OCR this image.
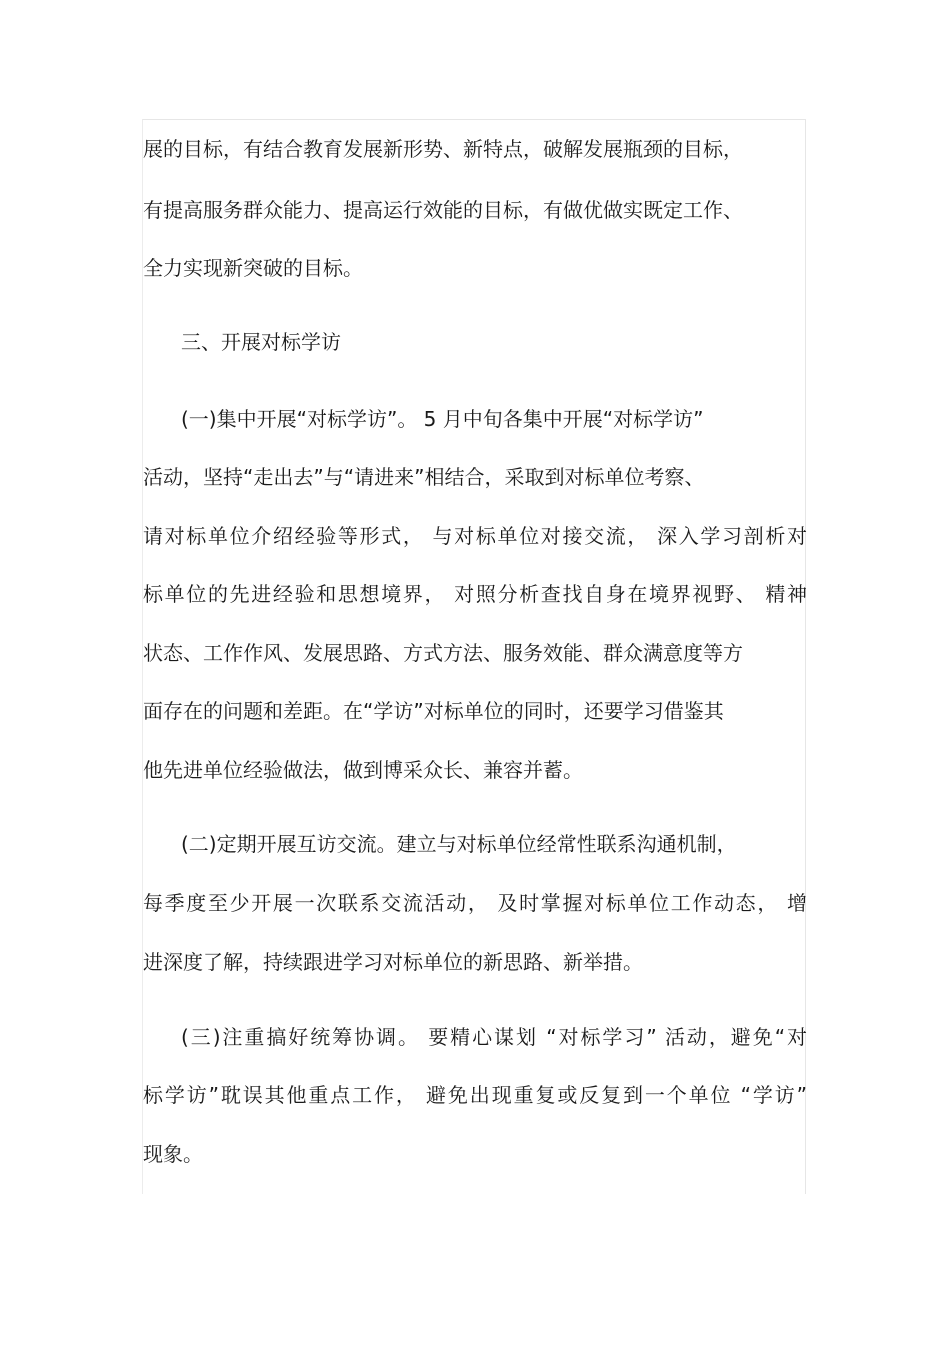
展的目标，有结合教育发展新形势、新特点，破解发展瓶颈的目标，
有提高服务群众能力、提高运行效能的目标，有做优做实既定工作、
全力实现新突破的目标。
三、开展对标学访
(一)集中开展“对标学访”。 5 月中旬各集中开展“对标学访”
活动，坚持“走出去”与“请进来”相结合，采取到对标单位考察、
请对标单位介绍经验等形式， 与对标单位对接交流， 深入学习剖析对
标单位的先进经验和思想境界， 对照分析查找自身在境界视野、 精神
状态、工作作风、发展思路、方式方法、服务效能、群众满意度等方
面存在的问题和差距。在“学访”对标单位的同时，还要学习借鉴其
他先进单位经验做法，做到博采众长、兼容并蓄。
(二)定期开展互访交流。建立与对标单位经常性联系沟通机制，
每季度至少开展一次联系交流活动， 及时掌握对标单位工作动态， 增
进深度了解，持续跟进学习对标单位的新思路、新举措。
(三)注重搞好统筹协调。 要精心谋划 “对标学习” 活动，避免“对
标学访”耽误其他重点工作， 避免出现重复或反复到一个单位 “学访”
现象。
